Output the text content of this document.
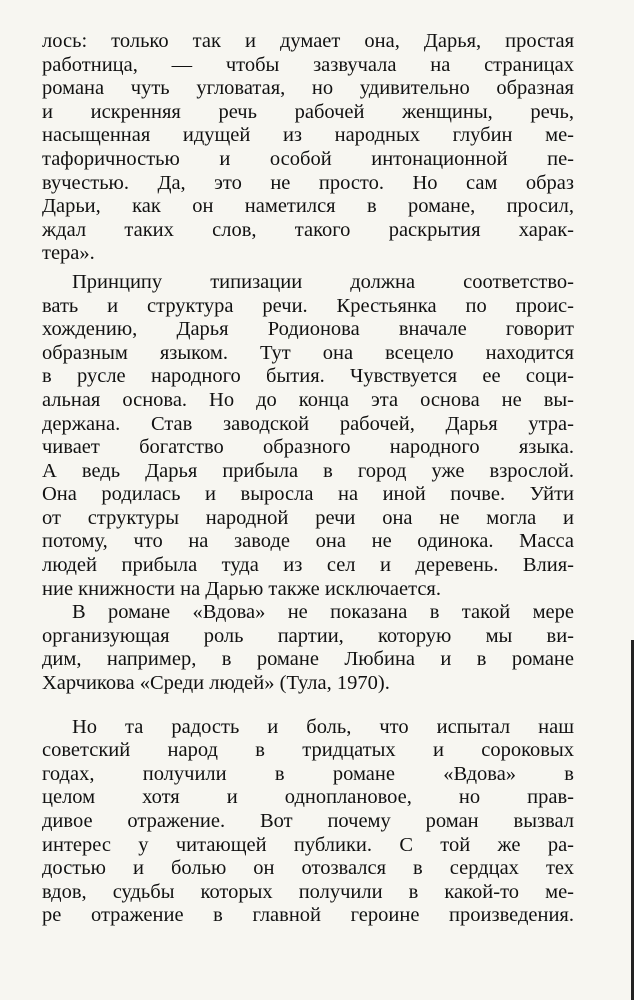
лось: только так и думает она, Дарья, простая
работница, — чтобы зазвучала на страницах
романа чуть угловатая, но удивительно образная
и искренняя речь рабочей женщины, речь,
насыщенная идущей из народных глубин ме-
тафоричностью и особой интонационной пе-
вучестью. Да, это не просто. Но сам образ
Дарьи, как он наметился в романе, просил,
ждал таких слов, такого раскрытия харак-
тера».
Принципу типизации должна соответство-
вать и структура речи. Крестьянка по проис-
хождению, Дарья Родионова вначале говорит
образным языком. Тут она всецело находится
в русле народного бытия. Чувствуется ее соци-
альная основа. Но до конца эта основа не вы-
держана. Став заводской рабочей, Дарья утра-
чивает богатство образного народного языка.
А ведь Дарья прибыла в город уже взрослой.
Она родилась и выросла на иной почве. Уйти
от структуры народной речи она не могла и
потому, что на заводе она не одинока. Масса
людей прибыла туда из сел и деревень. Влия-
ние книжности на Дарью также исключается.
В романе «Вдова» не показана в такой мере
организующая роль партии, которую мы ви-
дим, например, в романе Любина и в романе
Харчикова «Среди людей» (Тула, 1970).
Но та радость и боль, что испытал наш
советский народ в тридцатых и сороковых
годах, получили в романе «Вдова» в
целом хотя и одноплановое, но прав-
дивое отражение. Вот почему роман вызвал
интерес у читающей публики. С той же ра-
достью и болью он отозвался в сердцах тех
вдов, судьбы которых получили в какой-то ме-
ре отражение в главной героине произведения.
